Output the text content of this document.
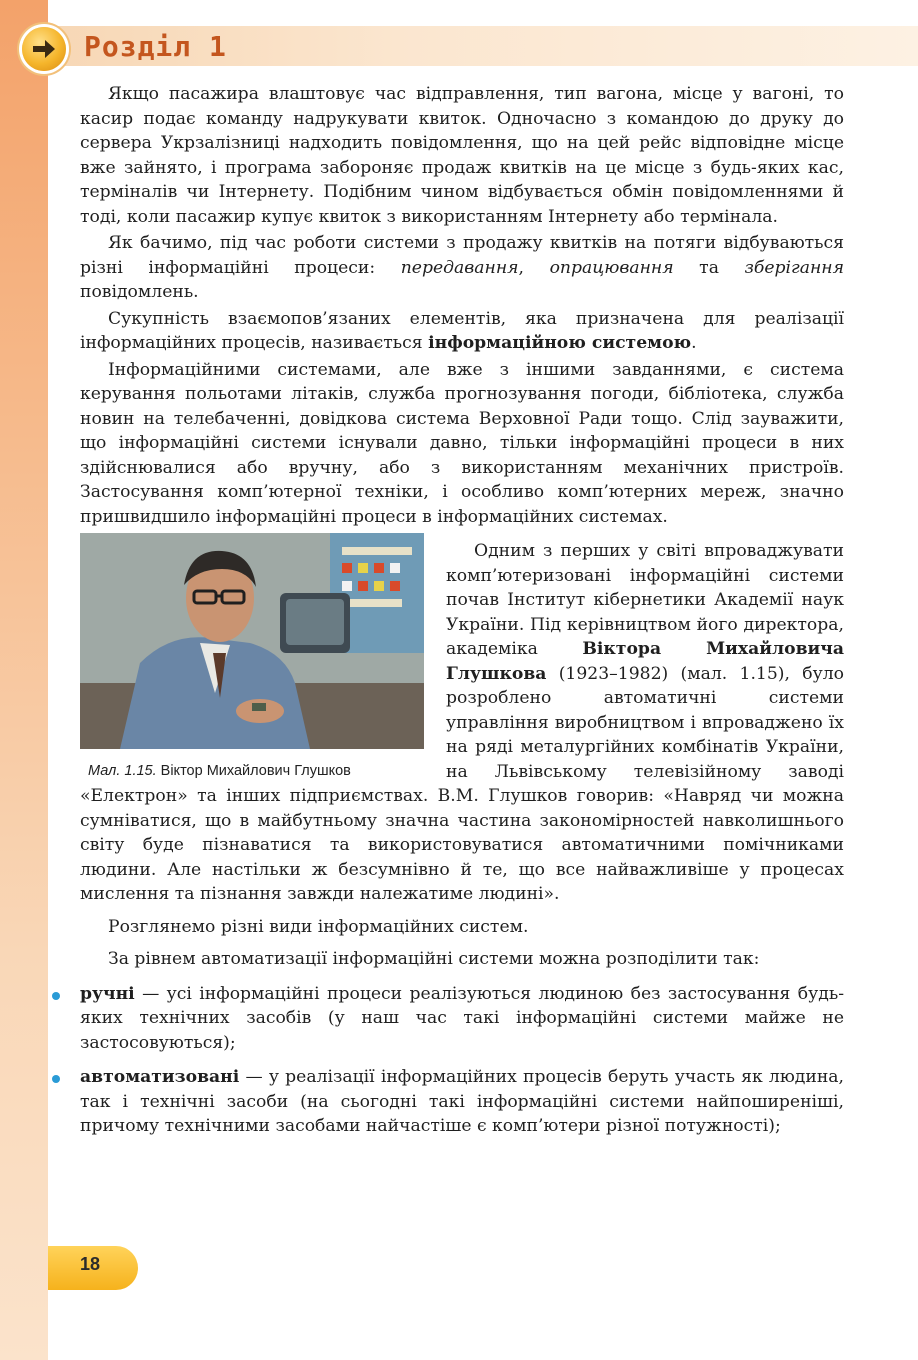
Розділ 1

Якщо пасажира влаштовує час відправлення, тип вагона, місце у вагоні, то касир подає команду надрукувати квиток. Одночасно з командою до друку до сервера Укрзалізниці надходить повідомлення, що на цей рейс відповідне місце вже зайнято, і програма забороняє продаж квитків на це місце з будь-яких кас, терміналів чи Інтернету. Подібним чином відбувається обмін повідомленнями й тоді, коли пасажир купує квиток з використанням Інтернету або термінала.

Як бачимо, під час роботи системи з продажу квитків на потяги відбуваються різні інформаційні процеси: передавання, опрацювання та зберігання повідомлень.

Сукупність взаємопов’язаних елементів, яка призначена для реалізації інформаційних процесів, називається інформаційною системою.

Інформаційними системами, але вже з іншими завданнями, є система керування польотами літаків, служба прогнозування погоди, бібліотека, служба новин на телебаченні, довідкова система Верховної Ради тощо. Слід зауважити, що інформаційні системи існували давно, тільки інформаційні процеси в них здійснювалися або вручну, або з використанням механічних пристроїв. Застосування комп’ютерної техніки, і особливо комп’ютерних мереж, значно пришвидшило інформаційні процеси в інформаційних системах.

Мал. 1.15. Віктор Михайлович Глушков

Одним з перших у світі впроваджувати комп’ютеризовані інформаційні системи почав Інститут кібернетики Академії наук України. Під керівництвом його директора, академіка Віктора Михайловича Глушкова (1923–1982) (мал. 1.15), було розроблено автоматичні системи управління виробництвом і впроваджено їх на ряді металургійних комбінатів України, на Львівському телевізійному заводі «Електрон» та інших підприємствах. В.М. Глушков говорив: «Навряд чи можна сумніватися, що в майбутньому значна частина закономірностей навколишнього світу буде пізнаватися та використовуватися автоматичними помічниками людини. Але настільки ж безсумнівно й те, що все найважливіше у процесах мислення та пізнання завжди належатиме людині».

Розглянемо різні види інформаційних систем.

За рівнем автоматизації інформаційні системи можна розподілити так:

ручні — усі інформаційні процеси реалізуються людиною без застосування будь-яких технічних засобів (у наш час такі інформаційні системи майже не застосовуються);
автоматизовані — у реалізації інформаційних процесів беруть участь як людина, так і технічні засоби (на сьогодні такі інформаційні системи найпоширеніші, причому технічними засобами найчастіше є комп’ютери різної потужності);

18
